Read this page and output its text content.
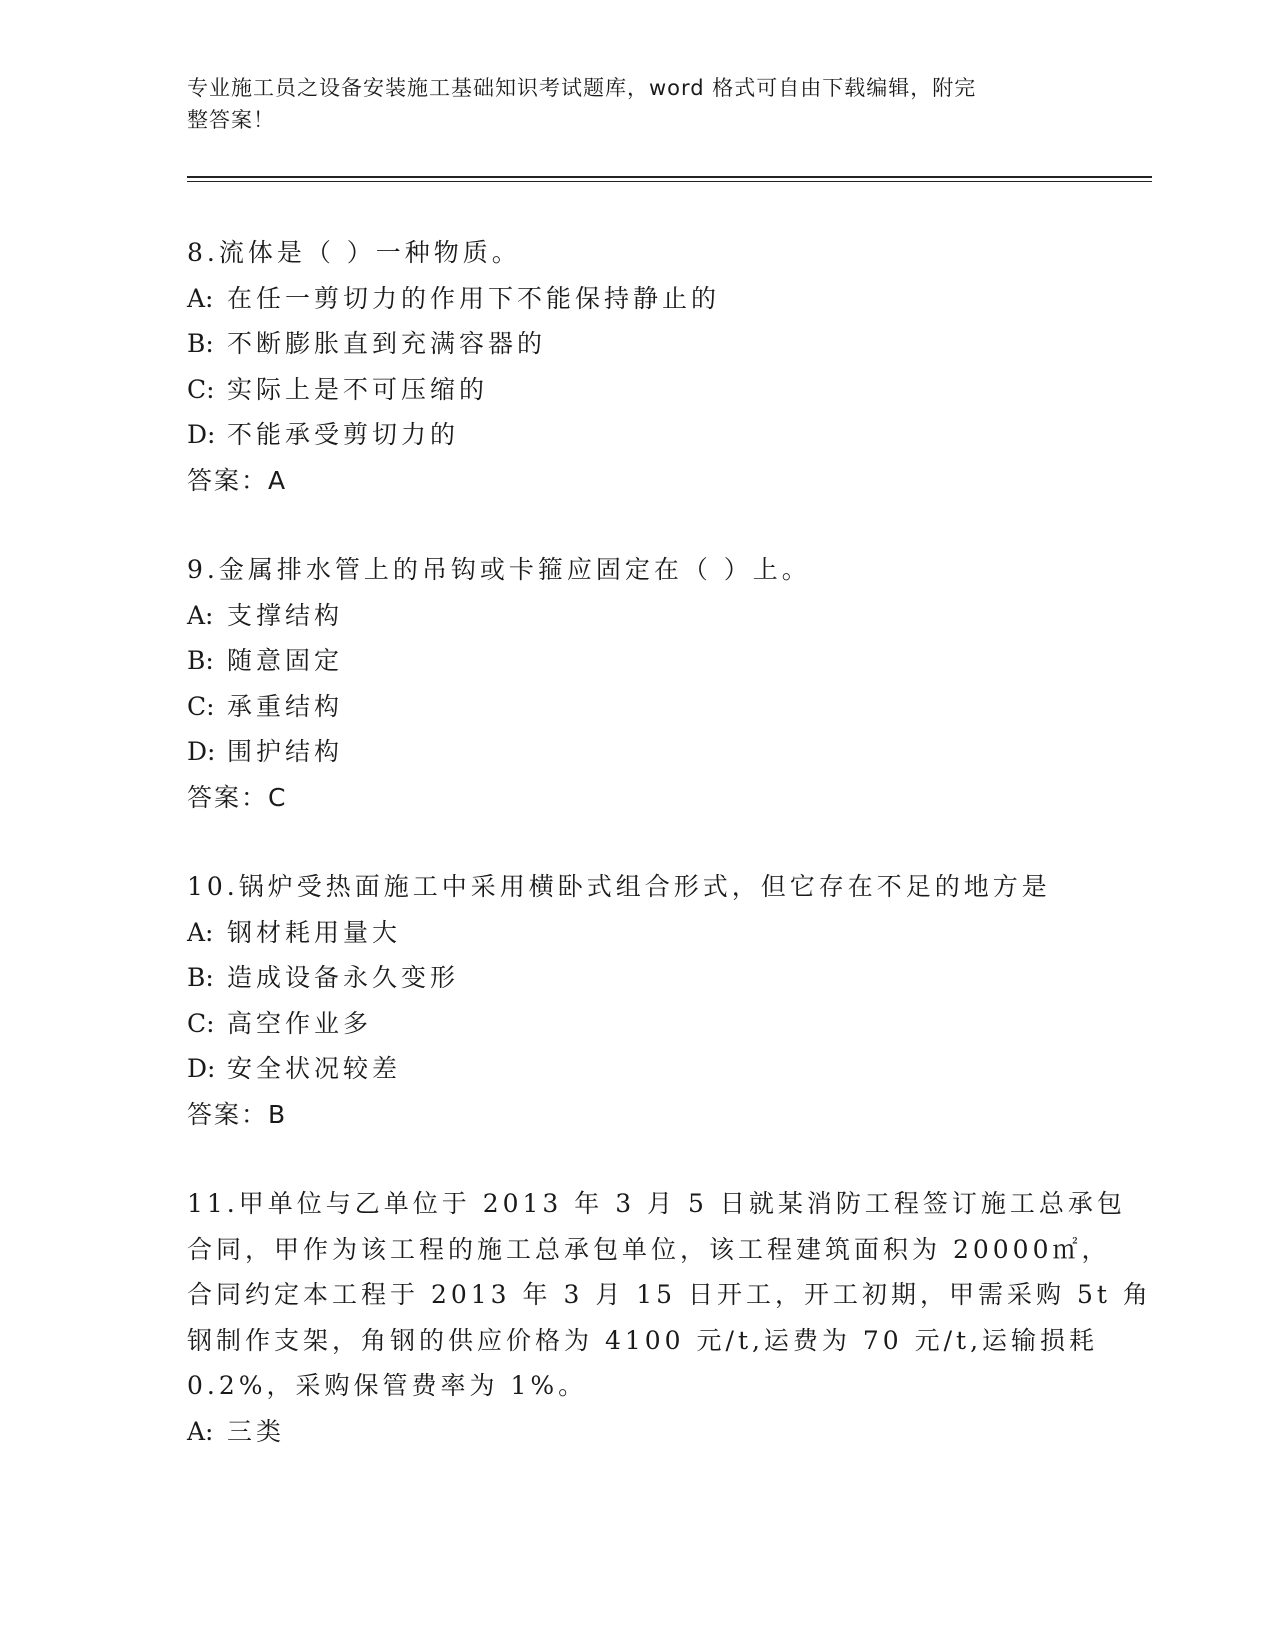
专业施工员之设备安装施工基础知识考试题库，word 格式可自由下载编辑，附完
整答案！
8.流体是（ ）一种物质。
A: 在任一剪切力的作用下不能保持静止的
B: 不断膨胀直到充满容器的
C: 实际上是不可压缩的
D: 不能承受剪切力的
答案：A
9.金属排水管上的吊钩或卡箍应固定在（ ）上。
A: 支撑结构
B: 随意固定
C: 承重结构
D: 围护结构
答案：C
10.锅炉受热面施工中采用横卧式组合形式，但它存在不足的地方是
A: 钢材耗用量大
B: 造成设备永久变形
C: 高空作业多
D: 安全状况较差
答案：B
11.甲单位与乙单位于 2013 年 3 月 5 日就某消防工程签订施工总承包
合同，甲作为该工程的施工总承包单位，该工程建筑面积为 20000㎡，
合同约定本工程于 2013 年 3 月 15 日开工，开工初期，甲需采购 5t 角
钢制作支架，角钢的供应价格为 4100 元/t,运费为 70 元/t,运输损耗
0.2%，采购保管费率为 1%。
A: 三类
